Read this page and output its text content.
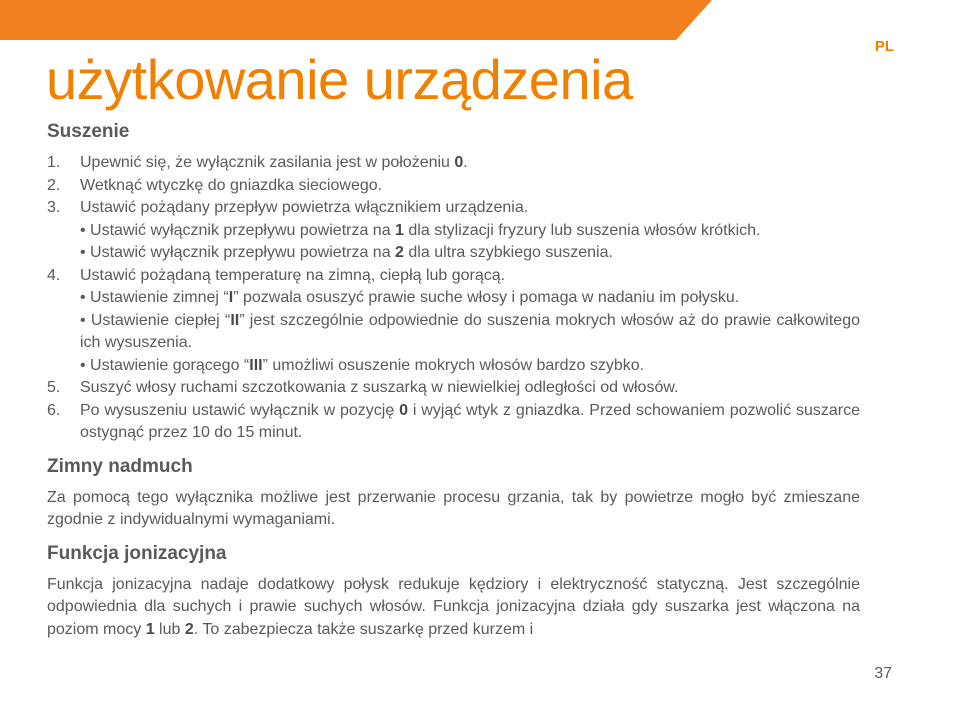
PL
użytkowanie urządzenia
Suszenie
1.	Upewnić się, że wyłącznik zasilania jest w położeniu 0.
2.	Wetknąć wtyczkę do gniazdka sieciowego.
3.	Ustawić pożądany przepływ powietrza włącznikiem urządzenia.
• Ustawić wyłącznik przepływu powietrza na 1 dla stylizacji fryzury lub suszenia włosów krótkich.
• Ustawić wyłącznik przepływu powietrza na 2 dla ultra szybkiego suszenia.
4.	Ustawić pożądaną temperaturę na zimną, ciepłą lub gorącą.
• Ustawienie zimnej “I” pozwala osuszyć prawie suche włosy i pomaga w nadaniu im połysku.
• Ustawienie ciepłej “II” jest szczególnie odpowiednie do suszenia mokrych włosów aż do prawie całkowitego ich wysuszenia.
• Ustawienie gorącego “III” umożliwi osuszenie mokrych włosów bardzo szybko.
5.	Suszyć włosy ruchami szczotkowania z suszarką w niewielkiej odległości od włosów.
6.	Po wysuszeniu ustawić wyłącznik w pozycję 0 i wyjąć wtyk z gniazdka. Przed schowaniem pozwolić suszarce ostygnąć przez 10 do 15 minut.
Zimny nadmuch

Za pomocą tego wyłącznika możliwe jest przerwanie procesu grzania, tak by powietrze mogło być zmieszane zgodnie z indywidualnymi wymaganiami.

Funkcja jonizacyjna

Funkcja jonizacyjna nadaje dodatkowy połysk redukuje kędziory i elektryczność statyczną. Jest szczególnie odpowiednia dla suchych i prawie suchych włosów. Funkcja jonizacyjna działa gdy suszarka jest włączona na poziom mocy 1 lub 2. To zabezpiecza także suszarkę przed kurzem i

37
